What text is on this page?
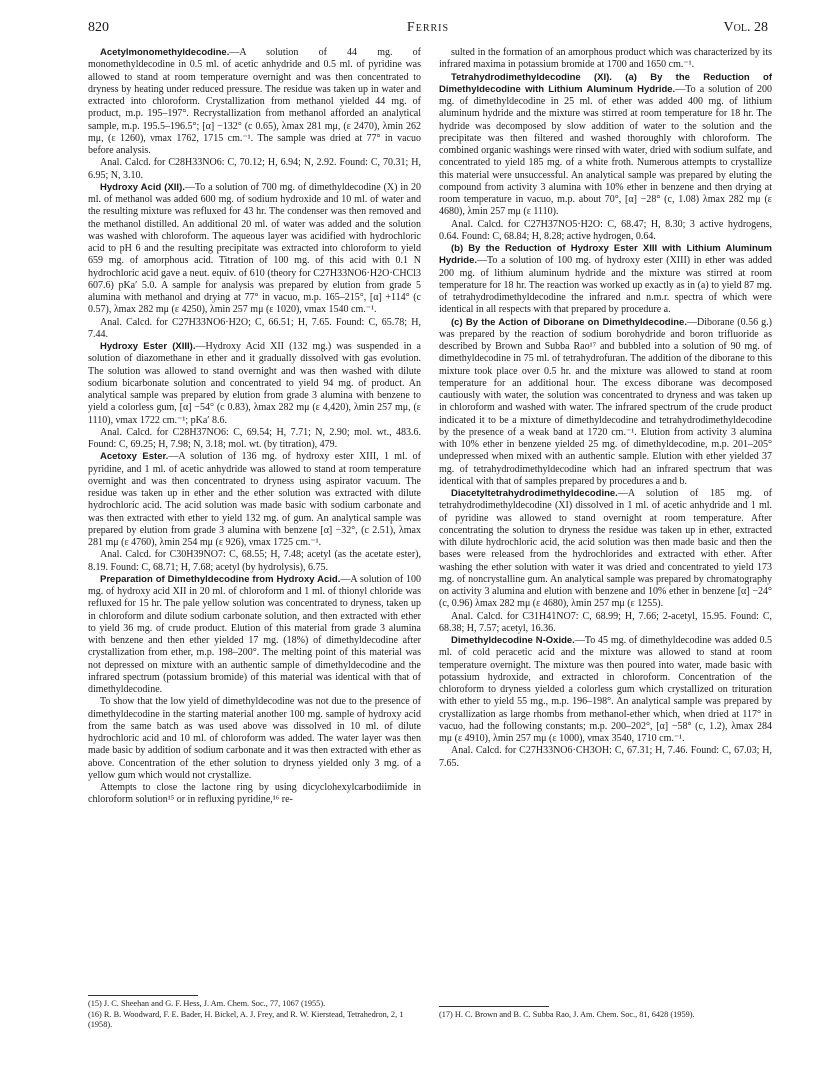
820	Ferris	Vol. 28

Acetylmonomethyldecodine.—A solution of 44 mg. of monomethyldecodine in 0.5 ml. of acetic anhydride and 0.5 ml. of pyridine was allowed to stand at room temperature overnight and was then concentrated to dryness by heating under reduced pressure. The residue was taken up in water and extracted into chloroform. Crystallization from methanol yielded 44 mg. of product, m.p. 195–197°. Recrystallization from methanol afforded an analytical sample, m.p. 195.5–196.5°; [α] −132° (c 0.65), λmax 281 mμ, (ε 2470), λmin 262 mμ, (ε 1260), νmax 1762, 1715 cm.⁻¹. The sample was dried at 77° in vacuo before analysis.

Anal. Calcd. for C28H33NO6: C, 70.12; H, 6.94; N, 2.92. Found: C, 70.31; H, 6.95; N, 3.10.

Hydroxy Acid (XII).—To a solution of 700 mg. of dimethyldecodine (X) in 20 ml. of methanol was added 600 mg. of sodium hydroxide and 10 ml. of water and the resulting mixture was refluxed for 43 hr. The condenser was then removed and the methanol distilled. An additional 20 ml. of water was added and the solution was washed with chloroform. The aqueous layer was acidified with hydrochloric acid to pH 6 and the resulting precipitate was extracted into chloroform to yield 659 mg. of amorphous acid. Titration of 100 mg. of this acid with 0.1 N hydrochloric acid gave a neut. equiv. of 610 (theory for C27H33NO6·H2O·CHCl3 607.6) pKa′ 5.0. A sample for analysis was prepared by elution from grade 5 alumina with methanol and drying at 77° in vacuo, m.p. 165–215°, [α] +114° (c 0.57), λmax 282 mμ (ε 4250), λmin 257 mμ (ε 1020), νmax 1540 cm.⁻¹.

Anal. Calcd. for C27H33NO6·H2O; C, 66.51; H, 7.65. Found: C, 65.78; H, 7.44.

Hydroxy Ester (XIII).—Hydroxy Acid XII (132 mg.) was suspended in a solution of diazomethane in ether and it gradually dissolved with gas evolution. The solution was allowed to stand overnight and was then washed with dilute sodium bicarbonate solution and concentrated to yield 94 mg. of product. An analytical sample was prepared by elution from grade 3 alumina with benzene to yield a colorless gum, [α] −54° (c 0.83), λmax 282 mμ (ε 4,420), λmin 257 mμ, (ε 1110), νmax 1722 cm.⁻¹; pKa′ 8.6.

Anal. Calcd. for C28H37NO6: C, 69.54; H, 7.71; N, 2.90; mol. wt., 483.6. Found: C, 69.25; H, 7.98; N, 3.18; mol. wt. (by titration), 479.

Acetoxy Ester.—A solution of 136 mg. of hydroxy ester XIII, 1 ml. of pyridine, and 1 ml. of acetic anhydride was allowed to stand at room temperature overnight and was then concentrated to dryness using aspirator vacuum. The residue was taken up in ether and the ether solution was extracted with dilute hydrochloric acid. The acid solution was made basic with sodium carbonate and was then extracted with ether to yield 132 mg. of gum. An analytical sample was prepared by elution from grade 3 alumina with benzene [α] −32°, (c 2.51), λmax 281 mμ (ε 4760), λmin 254 mμ (ε 926), νmax 1725 cm.⁻¹.

Anal. Calcd. for C30H39NO7: C, 68.55; H, 7.48; acetyl (as the acetate ester), 8.19. Found: C, 68.71; H, 7.68; acetyl (by hydrolysis), 6.75.

Preparation of Dimethyldecodine from Hydroxy Acid.—A solution of 100 mg. of hydroxy acid XII in 20 ml. of chloroform and 1 ml. of thionyl chloride was refluxed for 15 hr. The pale yellow solution was concentrated to dryness, taken up in chloroform and dilute sodium carbonate solution, and then extracted with ether to yield 36 mg. of crude product. Elution of this material from grade 3 alumina with benzene and then ether yielded 17 mg. (18%) of dimethyldecodine after crystallization from ether, m.p. 198–200°. The melting point of this material was not depressed on mixture with an authentic sample of dimethyldecodine and the infrared spectrum (potassium bromide) of this material was identical with that of dimethyldecodine.

To show that the low yield of dimethyldecodine was not due to the presence of dimethyldecodine in the starting material another 100 mg. sample of hydroxy acid from the same batch as was used above was dissolved in 10 ml. of dilute hydrochloric acid and 10 ml. of chloroform was added. The water layer was then made basic by addition of sodium carbonate and it was then extracted with ether as above. Concentration of the ether solution to dryness yielded only 3 mg. of a yellow gum which would not crystallize.

Attempts to close the lactone ring by using dicyclohexylcarbodiimide in chloroform solution¹⁵ or in refluxing pyridine,¹⁶ re-

sulted in the formation of an amorphous product which was characterized by its infrared maxima in potassium bromide at 1700 and 1650 cm.⁻¹.

Tetrahydrodimethyldecodine (XI). (a) By the Reduction of Dimethyldecodine with Lithium Aluminum Hydride.—To a solution of 200 mg. of dimethyldecodine in 25 ml. of ether was added 400 mg. of lithium aluminum hydride and the mixture was stirred at room temperature for 18 hr. The hydride was decomposed by slow addition of water to the solution and the precipitate was then filtered and washed thoroughly with chloroform. The combined organic washings were rinsed with water, dried with sodium sulfate, and concentrated to yield 185 mg. of a white froth. Numerous attempts to crystallize this material were unsuccessful. An analytical sample was prepared by eluting the compound from activity 3 alumina with 10% ether in benzene and then drying at room temperature in vacuo, m.p. about 70°, [α] −28° (c, 1.08) λmax 282 mμ (ε 4680), λmin 257 mμ (ε 1110).

Anal. Calcd. for C27H37NO5·H2O: C, 68.47; H, 8.30; 3 active hydrogens, 0.64. Found: C, 68.84; H, 8.28; active hydrogen, 0.64.

(b) By the Reduction of Hydroxy Ester XIII with Lithium Aluminum Hydride.—To a solution of 100 mg. of hydroxy ester (XIII) in ether was added 200 mg. of lithium aluminum hydride and the mixture was stirred at room temperature for 18 hr. The reaction was worked up exactly as in (a) to yield 87 mg. of tetrahydrodimethyldecodine the infrared and n.m.r. spectra of which were identical in all respects with that prepared by procedure a.

(c) By the Action of Diborane on Dimethyldecodine.—Diborane (0.56 g.) was prepared by the reaction of sodium borohydride and boron trifluoride as described by Brown and Subba Rao¹⁷ and bubbled into a solution of 90 mg. of dimethyldecodine in 75 ml. of tetrahydrofuran. The addition of the diborane to this mixture took place over 0.5 hr. and the mixture was allowed to stand at room temperature for an additional hour. The excess diborane was decomposed cautiously with water, the solution was concentrated to dryness and was taken up in chloroform and washed with water. The infrared spectrum of the crude product indicated it to be a mixture of dimethyldecodine and tetrahydrodimethyldecodine by the presence of a weak band at 1720 cm.⁻¹. Elution from activity 3 alumina with 10% ether in benzene yielded 25 mg. of dimethyldecodine, m.p. 201–205° undepressed when mixed with an authentic sample. Elution with ether yielded 37 mg. of tetrahydrodimethyldecodine which had an infrared spectrum that was identical with that of samples prepared by procedures a and b.

Diacetyltetrahydrodimethyldecodine.—A solution of 185 mg. of tetrahydrodimethyldecodine (XI) dissolved in 1 ml. of acetic anhydride and 1 ml. of pyridine was allowed to stand overnight at room temperature. After concentrating the solution to dryness the residue was taken up in ether, extracted with dilute hydrochloric acid, the acid solution was then made basic and then the bases were released from the hydrochlorides and extracted with ether. After washing the ether solution with water it was dried and concentrated to yield 173 mg. of noncrystalline gum. An analytical sample was prepared by chromatography on activity 3 alumina and elution with benzene and 10% ether in benzene [α] −24° (c, 0.96) λmax 282 mμ (ε 4680), λmin 257 mμ (ε 1255).

Anal. Calcd. for C31H41NO7: C, 68.99; H, 7.66; 2-acetyl, 15.95. Found: C, 68.38; H, 7.57; acetyl, 16.36.

Dimethyldecodine N-Oxide.—To 45 mg. of dimethyldecodine was added 0.5 ml. of cold peracetic acid and the mixture was allowed to stand at room temperature overnight. The mixture was then poured into water, made basic with potassium hydroxide, and extracted in chloroform. Concentration of the chloroform to dryness yielded a colorless gum which crystallized on trituration with ether to yield 55 mg., m.p. 196–198°. An analytical sample was prepared by crystallization as large rhombs from methanol-ether which, when dried at 117° in vacuo, had the following constants; m.p. 200–202°, [α] −58° (c, 1.2), λmax 284 mμ (ε 4910), λmin 257 mμ (ε 1000), νmax 3540, 1710 cm.⁻¹.

Anal. Calcd. for C27H33NO6·CH3OH: C, 67.31; H, 7.46. Found: C, 67.03; H, 7.65.

(15) J. C. Sheehan and G. F. Hess, J. Am. Chem. Soc., 77, 1067 (1955).

(16) R. B. Woodward, F. E. Bader, H. Bickel, A. J. Frey, and R. W. Kierstead, Tetrahedron, 2, 1 (1958).

(17) H. C. Brown and B. C. Subba Rao, J. Am. Chem. Soc., 81, 6428 (1959).
